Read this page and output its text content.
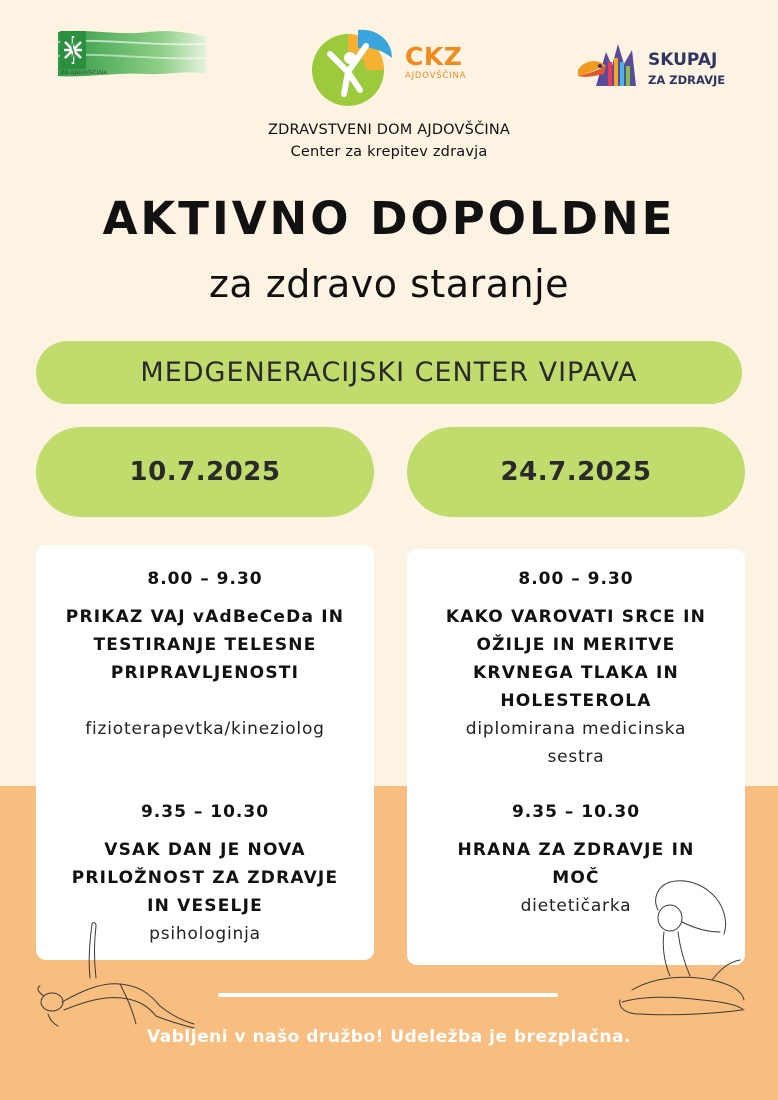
ZD AJDOVŠČINA
CKZ
AJDOVŠČINA
SKUPAJ
ZA ZDRAVJE
ZDRAVSTVENI DOM AJDOVŠČINA
Center za krepitev zdravja
AKTIVNO DOPOLDNE
za zdravo staranje
MEDGENERACIJSKI CENTER VIPAVA
10.7.2025	24.7.2025
8.00 – 9.30
PRIKAZ VAJ vAdBeCeDa IN
TESTIRANJE TELESNE
PRIPRAVLJENOSTI
fizioterapevtka/kineziolog
9.35 – 10.30
VSAK DAN JE NOVA
PRILOŽNOST ZA ZDRAVJE
IN VESELJE
psihologinja
8.00 – 9.30
KAKO VAROVATI SRCE IN
OŽILJE IN MERITVE
KRVNEGA TLAKA IN
HOLESTEROLA
diplomirana medicinska
sestra
9.35 – 10.30
HRANA ZA ZDRAVJE IN
MOČ
dietetičarka
Vabljeni v našo družbo! Udeležba je brezplačna.
